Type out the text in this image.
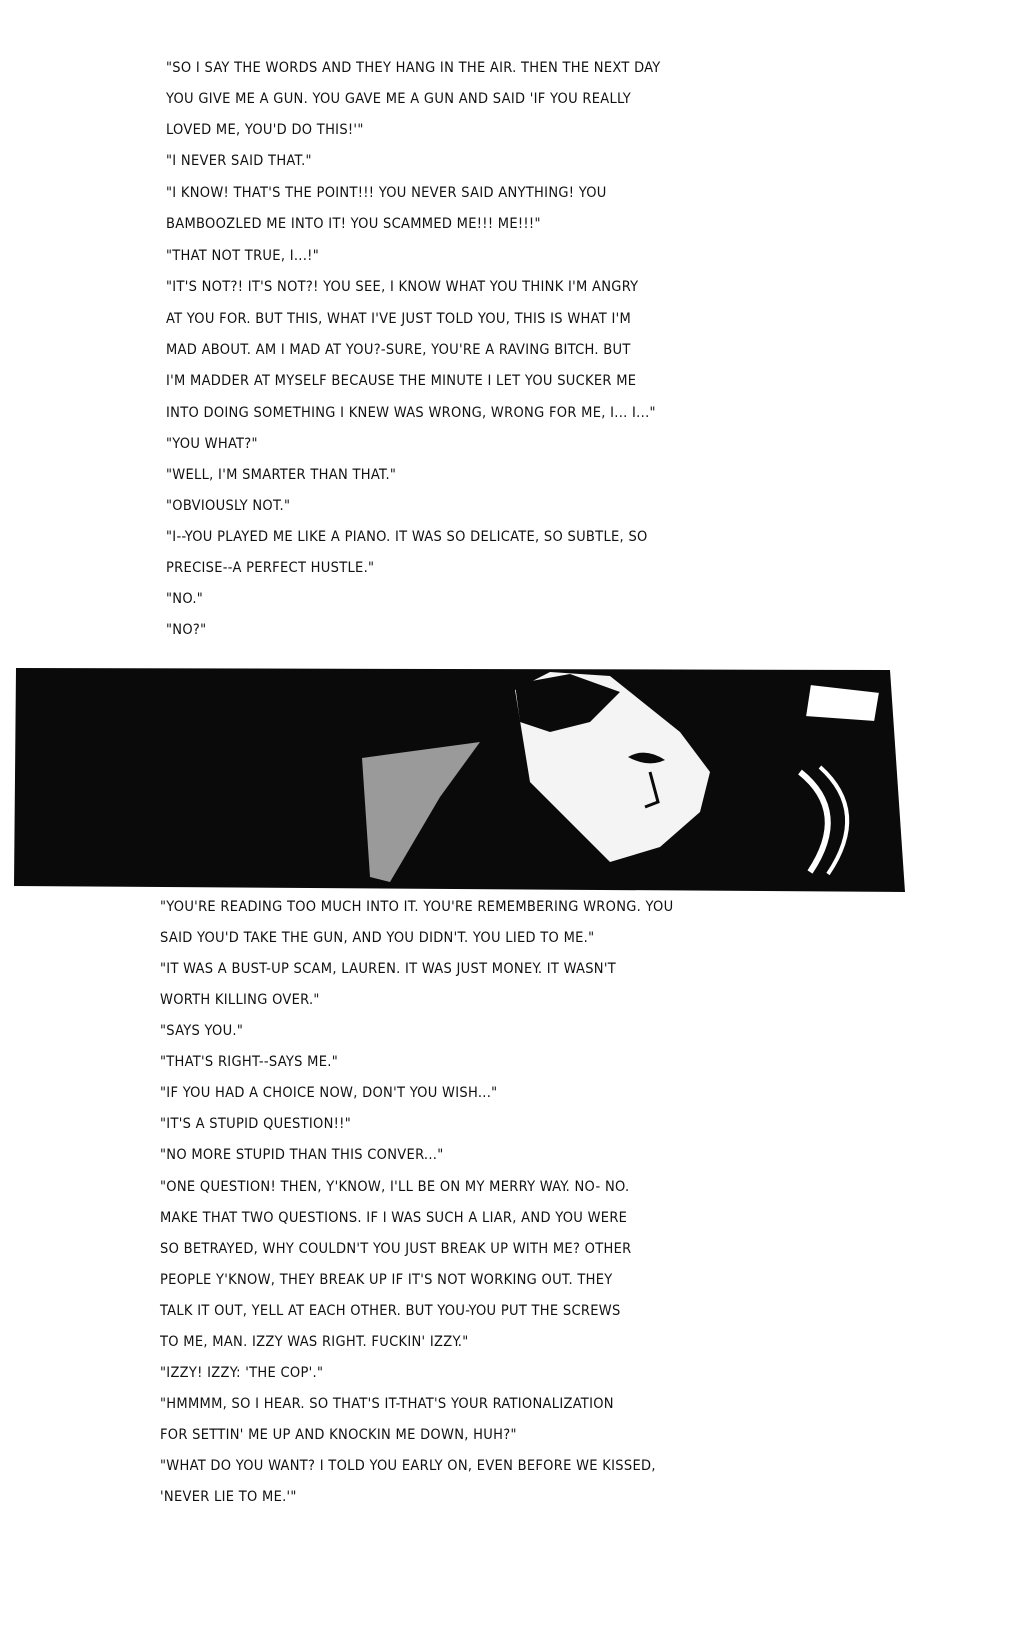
"SO I SAY THE WORDS AND THEY HANG IN THE AIR. THEN THE NEXT DAY
YOU GIVE ME A GUN. YOU GAVE ME A GUN AND SAID 'IF YOU REALLY
LOVED ME, YOU'D DO THIS!'"
"I NEVER SAID THAT."
"I KNOW! THAT'S THE POINT!!! YOU NEVER SAID ANYTHING! YOU
BAMBOOZLED ME INTO IT! YOU SCAMMED ME!!! ME!!!"
"THAT NOT TRUE, I...!"
"IT'S NOT?! IT'S NOT?! YOU SEE, I KNOW WHAT YOU THINK I'M ANGRY
AT YOU FOR. BUT THIS, WHAT I'VE JUST TOLD YOU, THIS IS WHAT I'M
MAD ABOUT. AM I MAD AT YOU?-SURE, YOU'RE A RAVING BITCH. BUT
I'M MADDER AT MYSELF BECAUSE THE MINUTE I LET YOU SUCKER ME
INTO DOING SOMETHING I KNEW WAS WRONG, WRONG FOR ME, I... I..."
"YOU WHAT?"
"WELL, I'M SMARTER THAN THAT."
"OBVIOUSLY NOT."
"I--YOU PLAYED ME LIKE A PIANO. IT WAS SO DELICATE, SO SUBTLE, SO
PRECISE--A PERFECT HUSTLE."
"NO."
"NO?"
"YOU'RE READING TOO MUCH INTO IT. YOU'RE REMEMBERING WRONG. YOU
SAID YOU'D TAKE THE GUN, AND YOU DIDN'T. YOU LIED TO ME."
"IT WAS A BUST-UP SCAM, LAUREN. IT WAS JUST MONEY. IT WASN'T
WORTH KILLING OVER."
"SAYS YOU."
"THAT'S RIGHT--SAYS ME."
"IF YOU HAD A CHOICE NOW, DON'T YOU WISH..."
"IT'S A STUPID QUESTION!!"
"NO MORE STUPID THAN THIS CONVER..."
"ONE QUESTION! THEN, Y'KNOW, I'LL BE ON MY MERRY WAY. NO- NO.
MAKE THAT TWO QUESTIONS. IF I WAS SUCH A LIAR, AND YOU WERE
SO BETRAYED, WHY COULDN'T YOU JUST BREAK UP WITH ME? OTHER
PEOPLE Y'KNOW, THEY BREAK UP IF IT'S NOT WORKING OUT. THEY
TALK IT OUT, YELL AT EACH OTHER. BUT YOU-YOU PUT THE SCREWS
TO ME, MAN. IZZY WAS RIGHT. FUCKIN' IZZY."
"IZZY! IZZY: 'THE COP'."
"HMMMM, SO I HEAR. SO THAT'S IT-THAT'S YOUR RATIONALIZATION
FOR SETTIN' ME UP AND KNOCKIN ME DOWN, HUH?"
"WHAT DO YOU WANT? I TOLD YOU EARLY ON, EVEN BEFORE WE KISSED,
'NEVER LIE TO ME.'"
